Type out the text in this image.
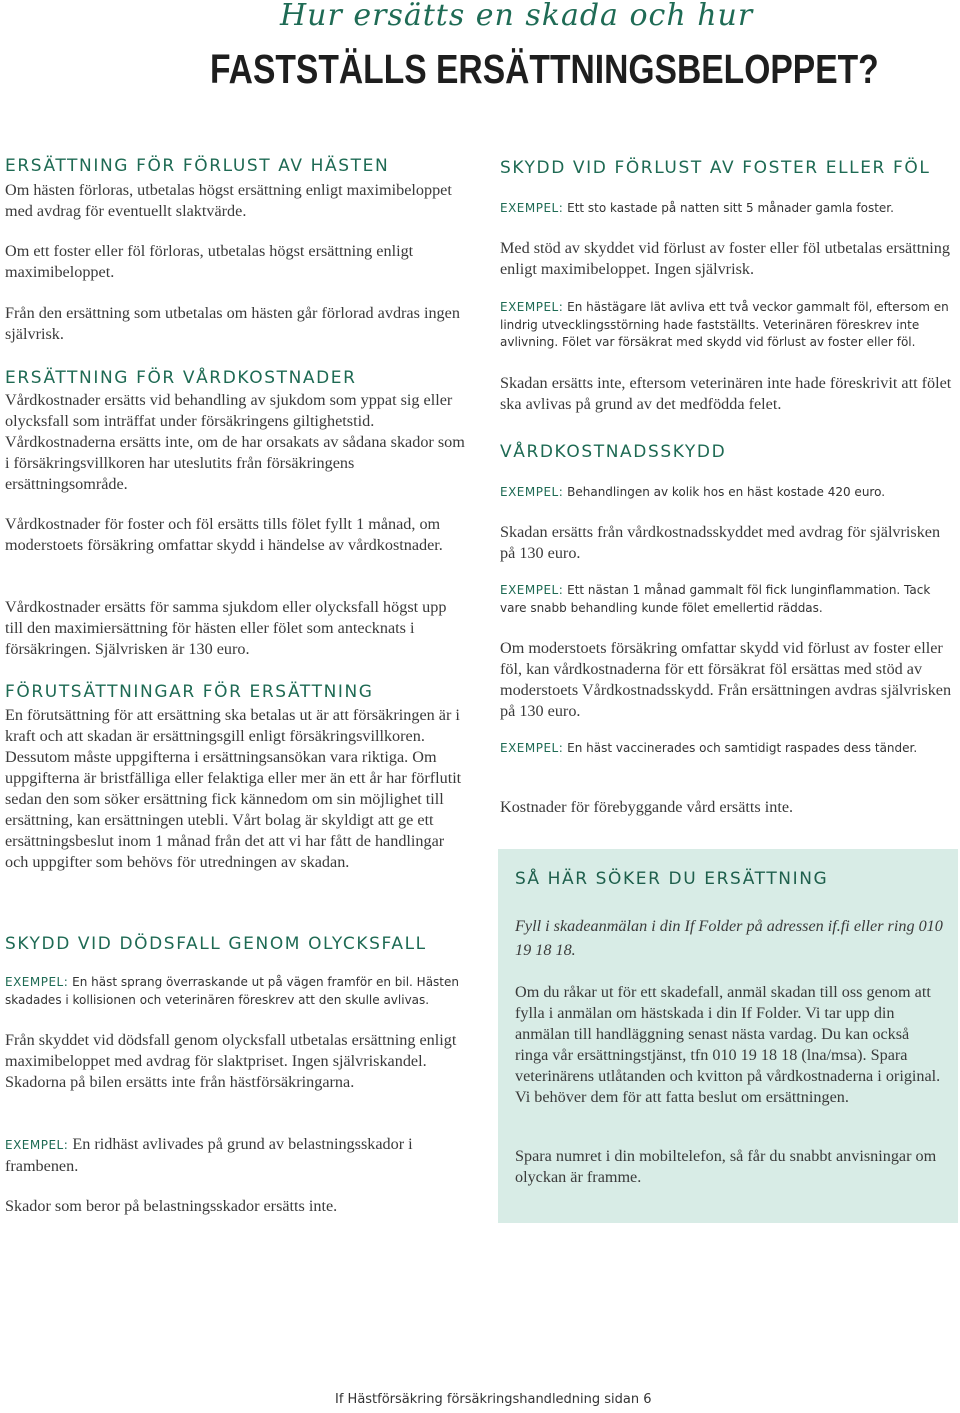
Hur ersätts en skada och hur
FASTSTÄLLS ERSÄTTNINGSBELOPPET?
ERSÄTTNING FÖR FÖRLUST AV HÄSTEN

Om hästen förloras, utbetalas högst ersättning enligt maximibeloppet med avdrag för eventuellt slaktvärde.

Om ett foster eller föl förloras, utbetalas högst ersättning enligt maximibeloppet.

Från den ersättning som utbetalas om hästen går förlorad avdras ingen självrisk.

ERSÄTTNING FÖR VÅRDKOSTNADER

Vårdkostnader ersätts vid behandling av sjukdom som yppat sig eller olycksfall som inträffat under försäkringens giltighetstid. Vårdkostnaderna ersätts inte, om de har orsakats av sådana skador som i försäkringsvillkoren har uteslutits från försäkringens ersättningsområde.

Vårdkostnader för foster och föl ersätts tills fölet fyllt 1 månad, om moderstoets försäkring omfattar skydd i händelse av vårdkostnader.

Vårdkostnader ersätts för samma sjukdom eller olycksfall högst upp till den maximiersättning för hästen eller fölet som antecknats i försäkringen. Självrisken är 130 euro.

FÖRUTSÄTTNINGAR FÖR ERSÄTTNING

En förutsättning för att ersättning ska betalas ut är att försäkringen är i kraft och att skadan är ersättningsgill enligt försäkringsvillkoren. Dessutom måste uppgifterna i ersättningsansökan vara riktiga. Om uppgifterna är bristfälliga eller felaktiga eller mer än ett år har förflutit sedan den som söker ersättning fick kännedom om sin möjlighet till ersättning, kan ersättningen utebli. Vårt bolag är skyldigt att ge ett ersättningsbeslut inom 1 månad från det att vi har fått de handlingar och uppgifter som behövs för utredningen av skadan.

SKYDD VID DÖDSFALL GENOM OLYCKSFALL

EXEMPEL: En häst sprang överraskande ut på vägen framför en bil. Hästen skadades i kollisionen och veterinären föreskrev att den skulle avlivas.

Från skyddet vid dödsfall genom olycksfall utbetalas ersättning enligt maximibeloppet med avdrag för slaktpriset. Ingen självriskandel. Skadorna på bilen ersätts inte från hästförsäkringarna.

EXEMPEL: En ridhäst avlivades på grund av belastningsskador i frambenen.

Skador som beror på belastningsskador ersätts inte.

SKYDD VID FÖRLUST AV FOSTER ELLER FÖL

EXEMPEL: Ett sto kastade på natten sitt 5 månader gamla foster.

Med stöd av skyddet vid förlust av foster eller föl utbetalas ersättning enligt maximibeloppet. Ingen självrisk.

EXEMPEL: En hästägare lät avliva ett två veckor gammalt föl, eftersom en lindrig utvecklingsstörning hade fastställts. Veterinären föreskrev inte avlivning. Fölet var försäkrat med skydd vid förlust av foster eller föl.

Skadan ersätts inte, eftersom veterinären inte hade föreskrivit att fölet ska avlivas på grund av det medfödda felet.

VÅRDKOSTNADSSKYDD

EXEMPEL: Behandlingen av kolik hos en häst kostade 420 euro.

Skadan ersätts från vårdkostnadsskyddet med avdrag för självrisken på 130 euro.

EXEMPEL: Ett nästan 1 månad gammalt föl fick lunginflammation. Tack vare snabb behandling kunde fölet emellertid räddas.

Om moderstoets försäkring omfattar skydd vid förlust av foster eller föl, kan vårdkostnaderna för ett försäkrat föl ersättas med stöd av moderstoets Vårdkostnadsskydd. Från ersättningen avdras självrisken på 130 euro.

EXEMPEL: En häst vaccinerades och samtidigt raspades dess tänder.

Kostnader för förebyggande vård ersätts inte.

SÅ HÄR SÖKER DU ERSÄTTNING

Fyll i skadeanmälan i din If Folder på adressen if.fi eller ring 010 19 18 18.

Om du råkar ut för ett skadefall, anmäl skadan till oss genom att fylla i anmälan om hästskada i din If Folder. Vi tar upp din anmälan till handläggning senast nästa vardag. Du kan också ringa vår ersättningstjänst, tfn 010 19 18 18 (lna/msa). Spara veterinärens utlåtanden och kvitton på vårdkostnaderna i original. Vi behöver dem för att fatta beslut om ersättningen.

Spara numret i din mobiltelefon, så får du snabbt anvisningar om olyckan är framme.

If Hästförsäkring försäkringshandledning sidan 6
